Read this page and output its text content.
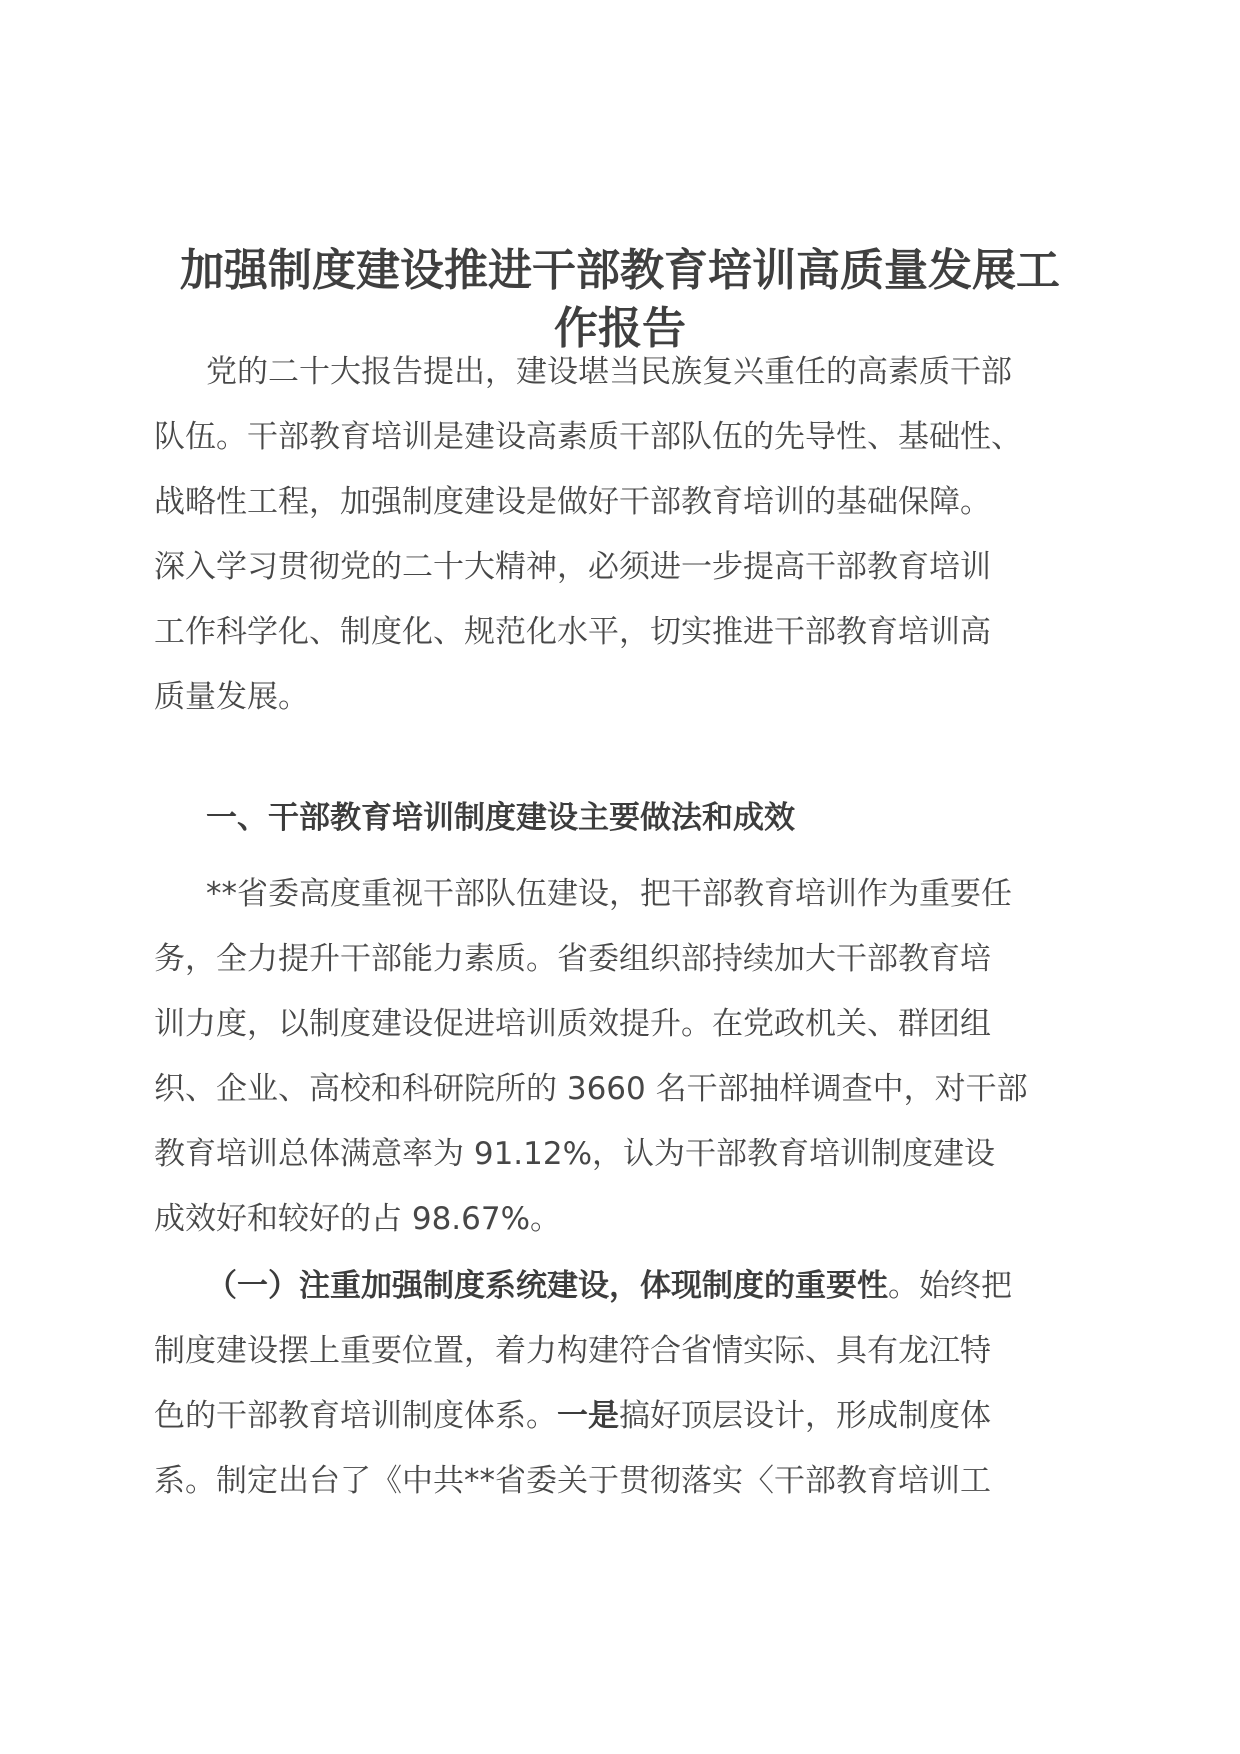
加强制度建设推进干部教育培训高质量发展工
作报告
党的二十大报告提出，建设堪当民族复兴重任的高素质干部
队伍。干部教育培训是建设高素质干部队伍的先导性、基础性、
战略性工程，加强制度建设是做好干部教育培训的基础保障。
深入学习贯彻党的二十大精神，必须进一步提高干部教育培训
工作科学化、制度化、规范化水平，切实推进干部教育培训高
质量发展。
一、干部教育培训制度建设主要做法和成效
**省委高度重视干部队伍建设，把干部教育培训作为重要任
务，全力提升干部能力素质。省委组织部持续加大干部教育培
训力度，以制度建设促进培训质效提升。在党政机关、群团组
织、企业、高校和科研院所的 3660 名干部抽样调查中，对干部
教育培训总体满意率为 91.12%，认为干部教育培训制度建设
成效好和较好的占 98.67%。
（一）注重加强制度系统建设，体现制度的重要性。始终把
制度建设摆上重要位置，着力构建符合省情实际、具有龙江特
色的干部教育培训制度体系。一是搞好顶层设计，形成制度体
系。制定出台了《中共**省委关于贯彻落实〈干部教育培训工
